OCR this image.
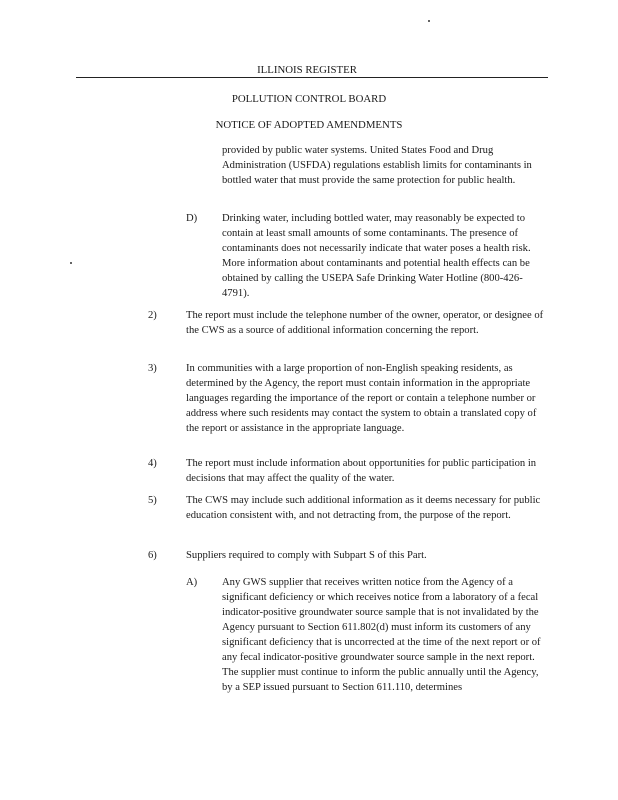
ILLINOIS REGISTER
POLLUTION CONTROL BOARD
NOTICE OF ADOPTED AMENDMENTS

provided by public water systems. United States Food and Drug Administration (USFDA) regulations establish limits for contaminants in bottled water that must provide the same protection for public health.

D) Drinking water, including bottled water, may reasonably be expected to contain at least small amounts of some contaminants. The presence of contaminants does not necessarily indicate that water poses a health risk. More information about contaminants and potential health effects can be obtained by calling the USEPA Safe Drinking Water Hotline (800-426-4791).

2)	The report must include the telephone number of the owner, operator, or designee of the CWS as a source of additional information concerning the report.

3)	In communities with a large proportion of non-English speaking residents, as determined by the Agency, the report must contain information in the appropriate languages regarding the importance of the report or contain a telephone number or address where such residents may contact the system to obtain a translated copy of the report or assistance in the appropriate language.

4)	The report must include information about opportunities for public participation in decisions that may affect the quality of the water.

5)	The CWS may include such additional information as it deems necessary for public education consistent with, and not detracting from, the purpose of the report.

6)	Suppliers required to comply with Subpart S of this Part.

A) Any GWS supplier that receives written notice from the Agency of a significant deficiency or which receives notice from a laboratory of a fecal indicator-positive groundwater source sample that is not invalidated by the Agency pursuant to Section 611.802(d) must inform its customers of any significant deficiency that is uncorrected at the time of the next report or of any fecal indicator-positive groundwater source sample in the next report. The supplier must continue to inform the public annually until the Agency, by a SEP issued pursuant to Section 611.110, determines
